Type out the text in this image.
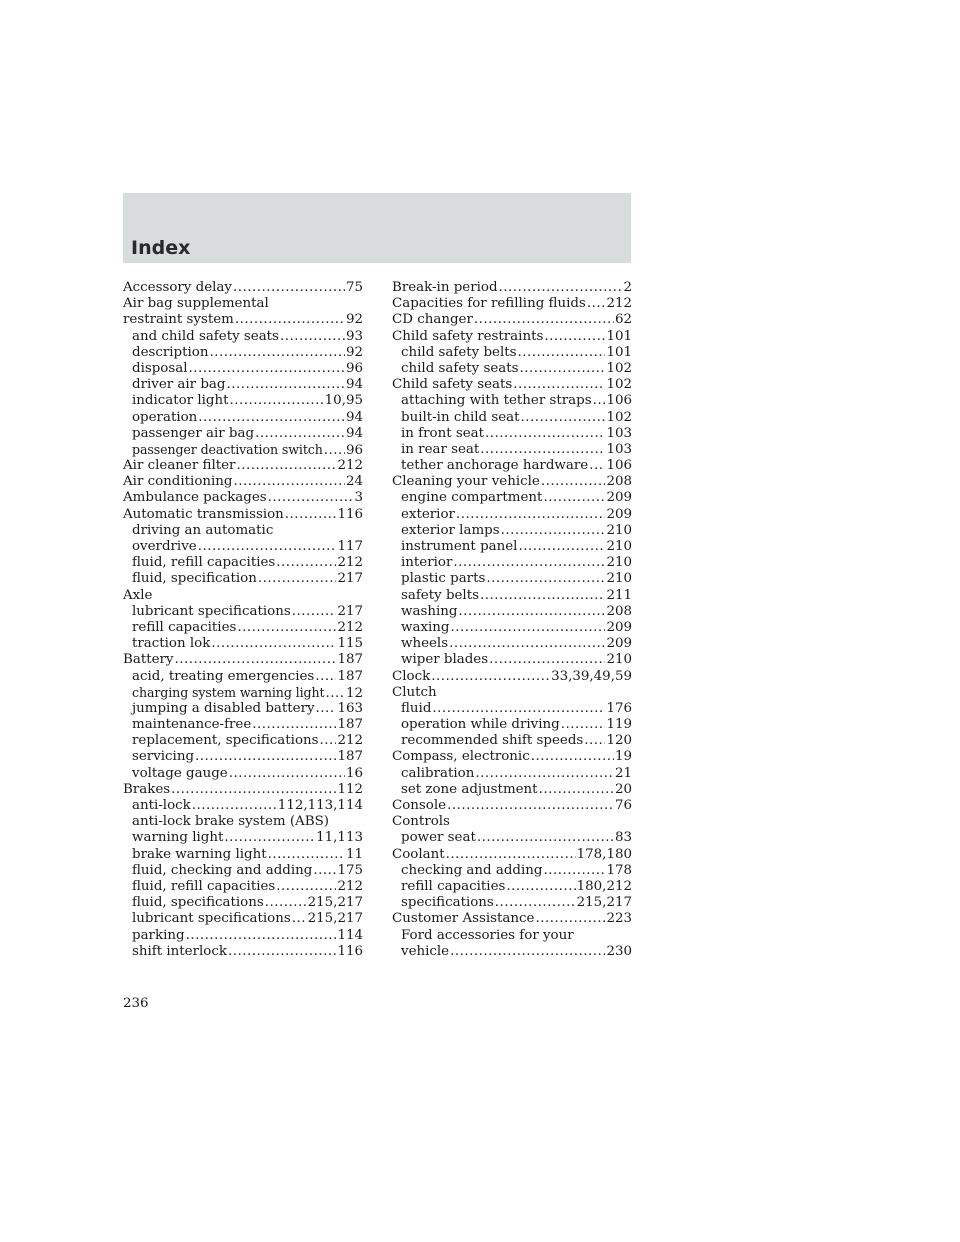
Index
Accessory delay .....	75
Air bag supplemental
restraint system .....	92
and child safety seats .....	93
description .....	92
disposal .....	96
driver air bag .....	94
indicator light .....	10,95
operation .....	94
passenger air bag .....	94
passenger deactivation switch ..... 96
Air cleaner filter .....	212
Air conditioning .....	24
Ambulance packages .....	3
Automatic transmission .....	116
driving an automatic
overdrive .....	117
fluid, refill capacities .....	212
fluid, specification .....	217
Axle
lubricant specifications .....	217
refill capacities .....	212
traction lok .....	115
Battery .....	187
acid, treating emergencies ..... 187
charging system warning light ..... 12
jumping a disabled battery ..... 163
maintenance-free .....	187
replacement, specifications ..... 212
servicing .....	187
voltage gauge .....	16
Brakes .....	112
anti-lock .....	112,113,114
anti-lock brake system (ABS)
warning light .....	11,113
brake warning light .....	11
fluid, checking and adding ..... 175
fluid, refill capacities .....	212
fluid, specifications .....	215,217
lubricant specifications ..... 215,217
parking .....	114
shift interlock .....	116
Break-in period .....	2
Capacities for refilling fluids ..... 212
CD changer .....	62
Child safety restraints .....	101
child safety belts .....	101
child safety seats .....	102
Child safety seats .....	102
attaching with tether straps ..... 106
built-in child seat .....	102
in front seat .....	103
in rear seat .....	103
tether anchorage hardware ..... 106
Cleaning your vehicle .....	208
engine compartment .....	209
exterior .....	209
exterior lamps .....	210
instrument panel .....	210
interior .....	210
plastic parts .....	210
safety belts .....	211
washing .....	208
waxing .....	209
wheels .....	209
wiper blades .....	210
Clock .....	33,39,49,59
Clutch
fluid .....	176
operation while driving .....	119
recommended shift speeds ..... 120
Compass, electronic .....	19
calibration .....	21
set zone adjustment .....	20
Console .....	76
Controls
power seat .....	83
Coolant .....	178,180
checking and adding .....	178
refill capacities .....	180,212
specifications .....	215,217
Customer Assistance .....	223
Ford accessories for your
vehicle .....	230
236
